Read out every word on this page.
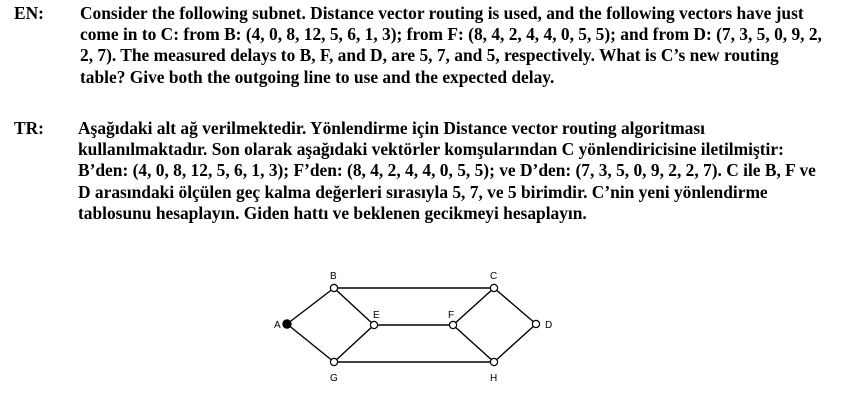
EN: Consider the following subnet. Distance vector routing is used, and the following vectors have just come in to C: from B: (4, 0, 8, 12, 5, 6, 1, 3); from F: (8, 4, 2, 4, 4, 0, 5, 5); and from D: (7, 3, 5, 0, 9, 2, 2, 7). The measured delays to B, F, and D, are 5, 7, and 5, respectively. What is C’s new routing table? Give both the outgoing line to use and the expected delay.
TR: Aşağıdaki alt ağ verilmektedir. Yönlendirme için Distance vector routing algoritması kullanılmaktadır. Son olarak aşağıdaki vektörler komşularından C yönlendiricisine iletilmiştir: B’den: (4, 0, 8, 12, 5, 6, 1, 3); F’den: (8, 4, 2, 4, 4, 0, 5, 5); ve D’den: (7, 3, 5, 0, 9, 2, 2, 7). C ile B, F ve D arasındaki ölçülen geç kalma değerleri sırasıyla 5, 7, ve 5 birimdir. C’nin yeni yönlendirme tablosunu hesaplayın. Giden hattı ve beklenen gecikmeyi hesaplayın.
A
B	C
D
E	F
G	H
